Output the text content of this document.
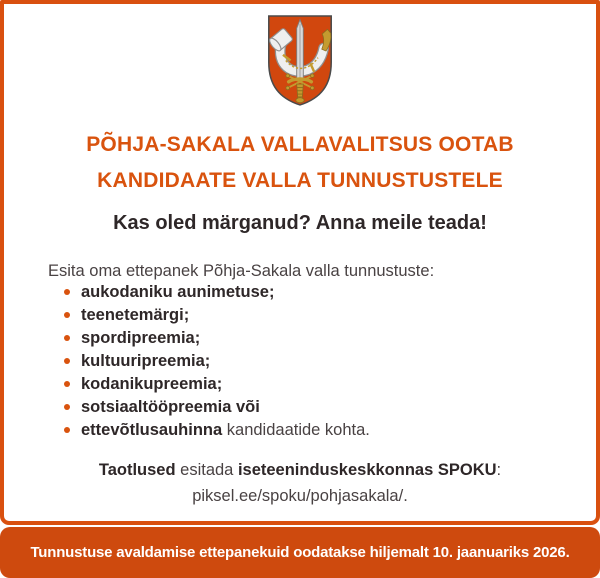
PÕHJA-SAKALA VALLAVALITSUS OOTAB
KANDIDAATE VALLA TUNNUSTUSTELE
Kas oled märganud? Anna meile teada!
Esita oma ettepanek Põhja-Sakala valla tunnustuste:
aukodaniku aunimetuse;
teenetemärgi;
spordipreemia;
kultuuripreemia;
kodanikupreemia;
sotsiaaltööpreemia või
ettevõtlusauhinna kandidaatide kohta.
Taotlused esitada iseteeninduskeskkonnas SPOKU:
piksel.ee/spoku/pohjasakala/.
Tunnustuse avaldamise ettepanekuid oodatakse hiljemalt 10. jaanuariks 2026.
